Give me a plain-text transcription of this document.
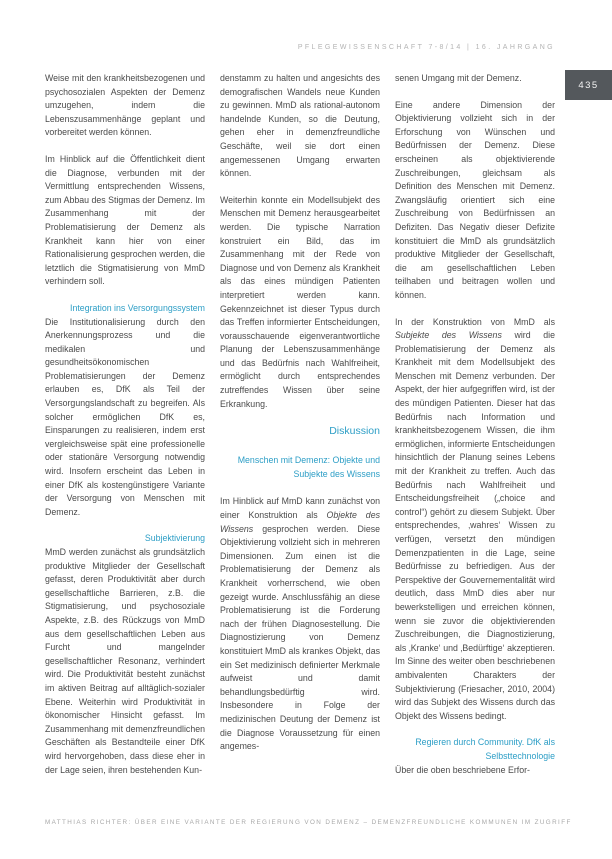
PFLEGEWISSENSCHAFT 7-8/14 | 16. JAHRGANG
435

Weise mit den krankheitsbezogenen und psychosozialen Aspekten der Demenz umzugehen, indem die Lebenszusammenhänge geplant und vorbereitet werden können.

Im Hinblick auf die Öffentlichkeit dient die Diagnose, verbunden mit der Vermittlung entsprechenden Wissens, zum Abbau des Stigmas der Demenz. Im Zusammenhang mit der Problematisierung der Demenz als Krankheit kann hier von einer Rationalisierung gesprochen werden, die letztlich die Stigmatisierung von MmD verhindern soll.

Integration ins Versorgungssystem

Die Institutionalisierung durch den Anerkennungsprozess und die medikalen und gesundheitsökonomischen Problematisierungen der Demenz erlauben es, DfK als Teil der Versorgungslandschaft zu begreifen. Als solcher ermöglichen DfK es, Einsparungen zu realisieren, indem erst vergleichsweise spät eine professionelle oder stationäre Versorgung notwendig wird. Insofern erscheint das Leben in einer DfK als kostengünstigere Variante der Versorgung von Menschen mit Demenz.

Subjektivierung

MmD werden zunächst als grundsätzlich produktive Mitglieder der Gesellschaft gefasst, deren Produktivität aber durch gesellschaftliche Barrieren, z.B. die Stigmatisierung, und psychosoziale Aspekte, z.B. des Rückzugs von MmD aus dem gesellschaftlichen Leben aus Furcht und mangelnder gesellschaftlicher Resonanz, verhindert wird. Die Produktivität besteht zunächst im aktiven Beitrag auf alltäglich-sozialer Ebene. Weiterhin wird Produktivität in ökonomischer Hinsicht gefasst. Im Zusammenhang mit demenzfreundlichen Geschäften als Bestandteile einer DfK wird hervorgehoben, dass diese eher in der Lage seien, ihren bestehenden Kun-

denstamm zu halten und angesichts des demografischen Wandels neue Kunden zu gewinnen. MmD als rational-autonom handelnde Kunden, so die Deutung, gehen eher in demenzfreundliche Geschäfte, weil sie dort einen angemessenen Umgang erwarten können.

Weiterhin konnte ein Modellsubjekt des Menschen mit Demenz herausgearbeitet werden. Die typische Narration konstruiert ein Bild, das im Zusammenhang mit der Rede von Diagnose und von Demenz als Krankheit als das eines mündigen Patienten interpretiert werden kann. Gekennzeichnet ist dieser Typus durch das Treffen informierter Entscheidungen, vorausschauende eigenverantwortliche Planung der Lebenszusammenhänge und das Bedürfnis nach Wahlfreiheit, ermöglicht durch entsprechendes zutreffendes Wissen über seine Erkrankung.

Diskussion
Menschen mit Demenz: Objekte und Subjekte des Wissens

Im Hinblick auf MmD kann zunächst von einer Konstruktion als Objekte des Wissens gesprochen werden. Diese Objektivierung vollzieht sich in mehreren Dimensionen. Zum einen ist die Problematisierung der Demenz als Krankheit vorherrschend, wie oben gezeigt wurde. Anschlussfähig an diese Problematisierung ist die Forderung nach der frühen Diagnosestellung. Die Diagnostizierung von Demenz konstituiert MmD als krankes Objekt, das ein Set medizinisch definierter Merkmale aufweist und damit behandlungsbedürftig wird. Insbesondere in Folge der medizinischen Deutung der Demenz ist die Diagnose Voraussetzung für einen angemes-

senen Umgang mit der Demenz.

Eine andere Dimension der Objektivierung vollzieht sich in der Erforschung von Wünschen und Bedürfnissen der Demenz. Diese erscheinen als objektivierende Zuschreibungen, gleichsam als Definition des Menschen mit Demenz. Zwangsläufig orientiert sich eine Zuschreibung von Bedürfnissen an Defiziten. Das Negativ dieser Defizite konstituiert die MmD als grundsätzlich produktive Mitglieder der Gesellschaft, die am gesellschaftlichen Leben teilhaben und beitragen wollen und können.

In der Konstruktion von MmD als Subjekte des Wissens wird die Problematisierung der Demenz als Krankheit mit dem Modellsubjekt des Menschen mit Demenz verbunden. Der Aspekt, der hier aufgegriffen wird, ist der des mündigen Patienten. Dieser hat das Bedürfnis nach Information und krankheitsbezogenem Wissen, die ihm ermöglichen, informierte Entscheidungen hinsichtlich der Planung seines Lebens mit der Krankheit zu treffen. Auch das Bedürfnis nach Wahlfreiheit und Entscheidungsfreiheit („choice and control“) gehört zu diesem Subjekt. Über entsprechendes, ‚wahres‘ Wissen zu verfügen, versetzt den mündigen Demenzpatienten in die Lage, seine Bedürfnisse zu befriedigen. Aus der Perspektive der Gouvernementalität wird deutlich, dass MmD dies aber nur bewerkstelligen und erreichen können, wenn sie zuvor die objektivierenden Zuschreibungen, die Diagnostizierung, als ‚Kranke‘ und ‚Bedürftige‘ akzeptieren. Im Sinne des weiter oben beschriebenen ambivalenten Charakters der Subjektivierung (Friesacher, 2010, 2004) wird das Subjekt des Wissens durch das Objekt des Wissens bedingt.

Regieren durch Community. DfK als Selbsttechnologie

Über die oben beschriebene Erfor-

MATTHIAS RICHTER: ÜBER EINE VARIANTE DER REGIERUNG VON DEMENZ – DEMENZFREUNDLICHE KOMMUNEN IM ZUGRIFF
